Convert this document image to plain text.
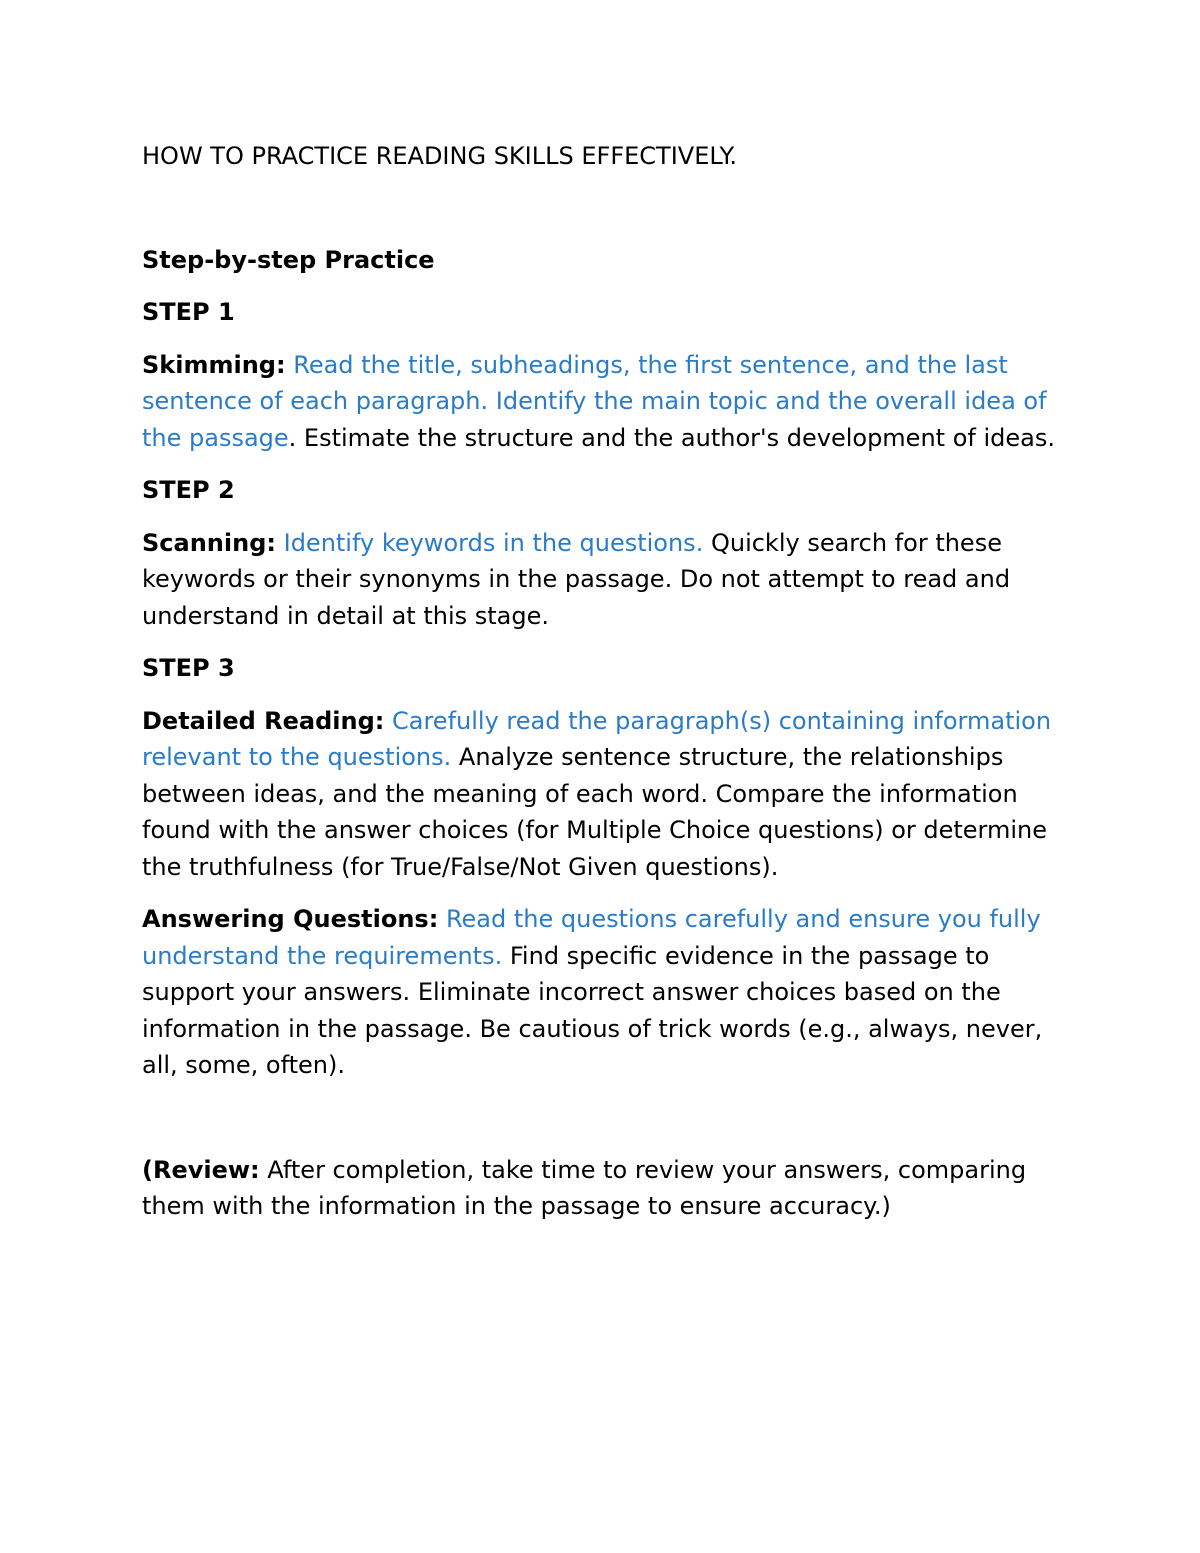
HOW TO PRACTICE READING SKILLS EFFECTIVELY.
Step-by-step Practice
STEP 1
Skimming: Read the title, subheadings, the first sentence, and the last sentence of each paragraph. Identify the main topic and the overall idea of the passage. Estimate the structure and the author's development of ideas.
STEP 2
Scanning: Identify keywords in the questions. Quickly search for these keywords or their synonyms in the passage. Do not attempt to read and understand in detail at this stage.
STEP 3
Detailed Reading: Carefully read the paragraph(s) containing information relevant to the questions. Analyze sentence structure, the relationships between ideas, and the meaning of each word. Compare the information found with the answer choices (for Multiple Choice questions) or determine the truthfulness (for True/False/Not Given questions).
Answering Questions: Read the questions carefully and ensure you fully understand the requirements. Find specific evidence in the passage to support your answers. Eliminate incorrect answer choices based on the information in the passage. Be cautious of trick words (e.g., always, never, all, some, often).
(Review: After completion, take time to review your answers, comparing them with the information in the passage to ensure accuracy.)
